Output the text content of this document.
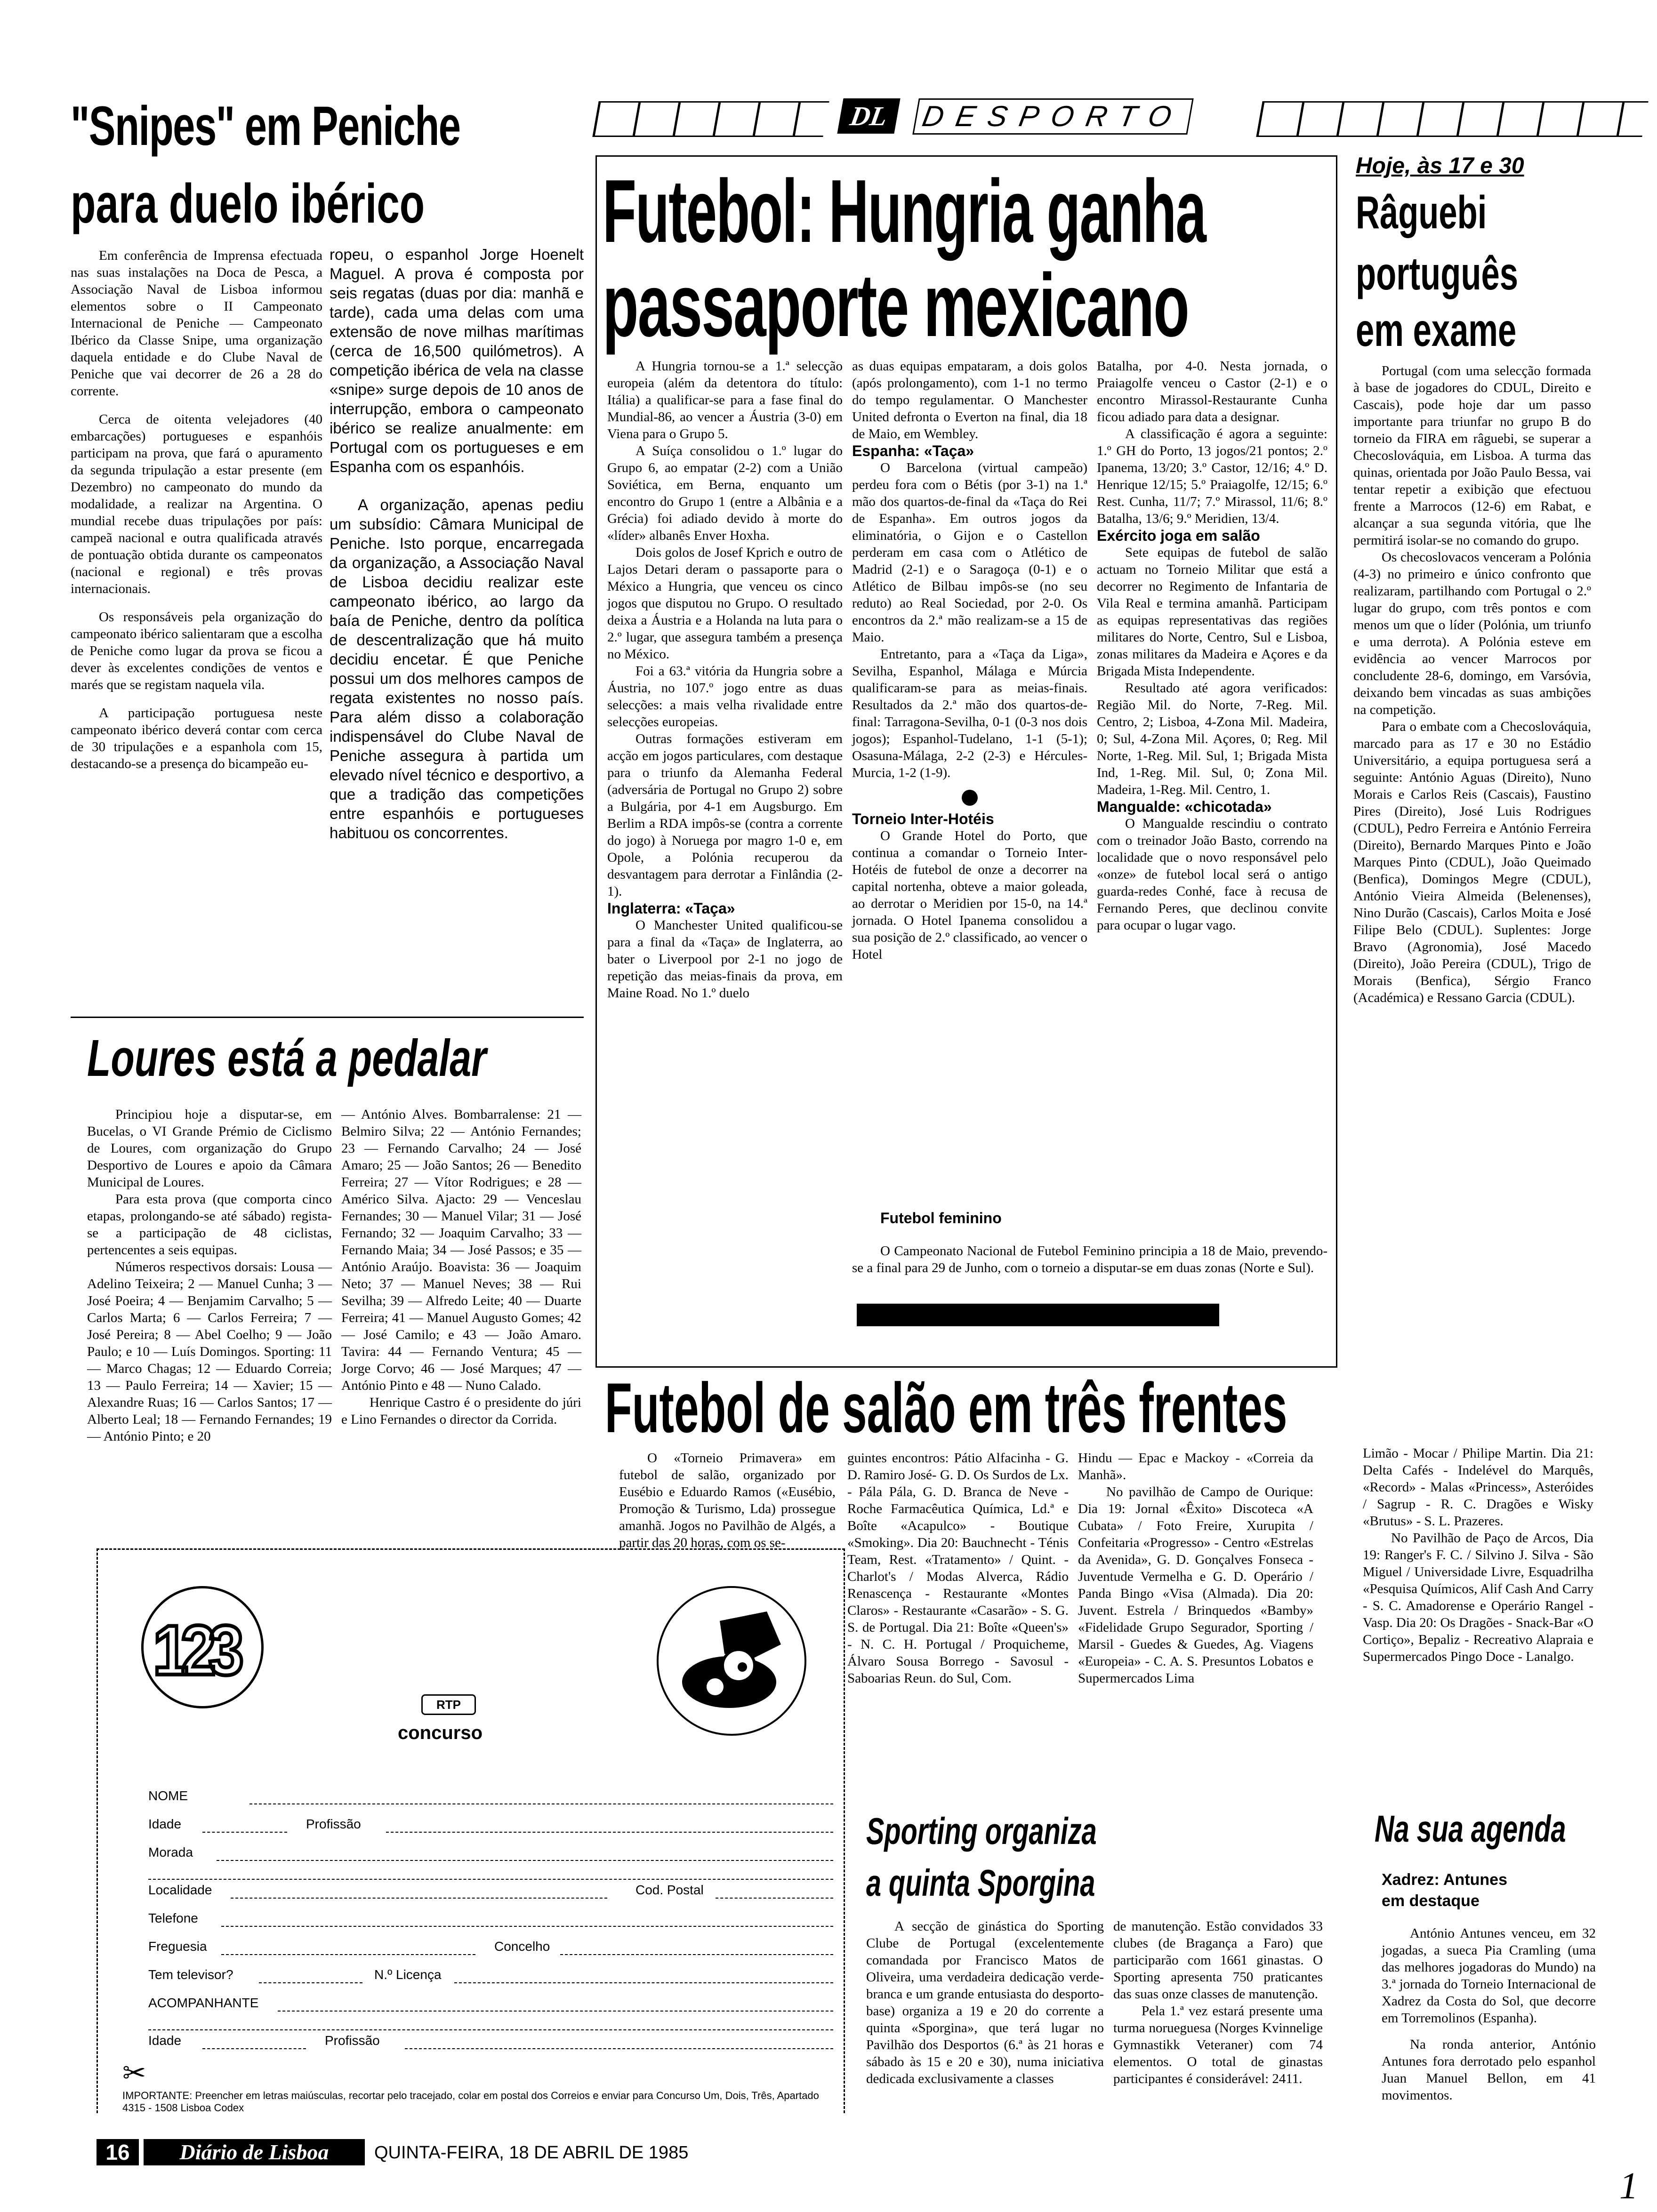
"Snipes" em Peniche
para duelo ibérico

Em conferência de Imprensa efectuada nas suas instalações na Doca de Pesca, a Associação Naval de Lisboa informou elementos sobre o II Campeonato Internacional de Peniche — Campeonato Ibérico da Classe Snipe, uma organização daquela entidade e do Clube Naval de Peniche que vai decorrer de 26 a 28 do corrente.

Cerca de oitenta velejadores (40 embarcações) portugueses e espanhóis participam na prova, que fará o apuramento da segunda tripulação a estar presente (em Dezembro) no campeonato do mundo da modalidade, a realizar na Argentina. O mundial recebe duas tripulações por país: campeã nacional e outra qualificada através de pontuação obtida durante os campeonatos (nacional e regional) e três provas internacionais.

Os responsáveis pela organização do campeonato ibérico salientaram que a escolha de Peniche como lugar da prova se ficou a dever às excelentes condições de ventos e marés que se registam naquela vila.

A participação portuguesa neste campeonato ibérico deverá contar com cerca de 30 tripulações e a espanhola com 15, destacando-se a presença do bicampeão eu-

ropeu, o espanhol Jorge Hoenelt Maguel. A prova é composta por seis regatas (duas por dia: manhã e tarde), cada uma delas com uma extensão de nove milhas marítimas (cerca de 16,500 quilómetros). A competição ibérica de vela na classe «snipe» surge depois de 10 anos de interrupção, embora o campeonato ibérico se realize anualmente: em Portugal com os portugueses e em Espanha com os espanhóis.

A organização, apenas pediu um subsídio: Câmara Municipal de Peniche. Isto porque, encarregada da organização, a Associação Naval de Lisboa decidiu realizar este campeonato ibérico, ao largo da baía de Peniche, dentro da política de descentralização que há muito decidiu encetar. É que Peniche possui um dos melhores campos de regata existentes no nosso país. Para além disso a colaboração indispensável do Clube Naval de Peniche assegura à partida um elevado nível técnico e desportivo, a que a tradição das competições entre espanhóis e portugueses habituou os concorrentes.

Loures está a pedalar

Principiou hoje a disputar-se, em Bucelas, o VI Grande Prémio de Ciclismo de Loures, com organização do Grupo Desportivo de Loures e apoio da Câmara Municipal de Loures.

Para esta prova (que comporta cinco etapas, prolongando-se até sábado) regista-se a participação de 48 ciclistas, pertencentes a seis equipas.

Números respectivos dorsais: Lousa — Adelino Teixeira; 2 — Manuel Cunha; 3 — José Poeira; 4 — Benjamim Carvalho; 5 — Carlos Marta; 6 — Carlos Ferreira; 7 — José Pereira; 8 — Abel Coelho; 9 — João Paulo; e 10 — Luís Domingos. Sporting: 11 — Marco Chagas; 12 — Eduardo Correia; 13 — Paulo Ferreira; 14 — Xavier; 15 — Alexandre Ruas; 16 — Carlos Santos; 17 — Alberto Leal; 18 — Fernando Fernandes; 19 — António Pinto; e 20

— António Alves. Bombarralense: 21 — Belmiro Silva; 22 — António Fernandes; 23 — Fernando Carvalho; 24 — José Amaro; 25 — João Santos; 26 — Benedito Ferreira; 27 — Vítor Rodrigues; e 28 — Américo Silva. Ajacto: 29 — Venceslau Fernandes; 30 — Manuel Vilar; 31 — José Fernando; 32 — Joaquim Carvalho; 33 — Fernando Maia; 34 — José Passos; e 35 — António Araújo. Boavista: 36 — Joaquim Neto; 37 — Manuel Neves; 38 — Rui Sevilha; 39 — Alfredo Leite; 40 — Duarte Ferreira; 41 — Manuel Augusto Gomes; 42 — José Camilo; e 43 — João Amaro. Tavira: 44 — Fernando Ventura; 45 — Jorge Corvo; 46 — José Marques; 47 — António Pinto e 48 — Nuno Calado.

Henrique Castro é o presidente do júri e Lino Fernandes o director da Corrida.

DL	DESPORTO
Futebol: Hungria ganha
passaporte mexicano

A Hungria tornou-se a 1.ª selecção europeia (além da detentora do título: Itália) a qualificar-se para a fase final do Mundial-86, ao vencer a Áustria (3-0) em Viena para o Grupo 5.

A Suíça consolidou o 1.º lugar do Grupo 6, ao empatar (2-2) com a União Soviética, em Berna, enquanto um encontro do Grupo 1 (entre a Albânia e a Grécia) foi adiado devido à morte do «líder» albanês Enver Hoxha.

Dois golos de Josef Kprich e outro de Lajos Detari deram o passaporte para o México a Hungria, que venceu os cinco jogos que disputou no Grupo. O resultado deixa a Áustria e a Holanda na luta para o 2.º lugar, que assegura também a presença no México.

Foi a 63.ª vitória da Hungria sobre a Áustria, no 107.º jogo entre as duas selecções: a mais velha rivalidade entre selecções europeias.

Outras formações estiveram em acção em jogos particulares, com destaque para o triunfo da Alemanha Federal (adversária de Portugal no Grupo 2) sobre a Bulgária, por 4-1 em Augsburgo. Em Berlim a RDA impôs-se (contra a corrente do jogo) à Noruega por magro 1-0 e, em Opole, a Polónia recuperou da desvantagem para derrotar a Finlândia (2-1).

Inglaterra: «Taça»

O Manchester United qualificou-se para a final da «Taça» de Inglaterra, ao bater o Liverpool por 2-1 no jogo de repetição das meias-finais da prova, em Maine Road. No 1.º duelo

as duas equipas empataram, a dois golos (após prolongamento), com 1-1 no termo do tempo regulamentar. O Manchester United defronta o Everton na final, dia 18 de Maio, em Wembley.

Espanha: «Taça»

O Barcelona (virtual campeão) perdeu fora com o Bétis (por 3-1) na 1.ª mão dos quartos-de-final da «Taça do Rei de Espanha». Em outros jogos da eliminatória, o Gijon e o Castellon perderam em casa com o Atlético de Madrid (2-1) e o Saragoça (0-1) e o Atlético de Bilbau impôs-se (no seu reduto) ao Real Sociedad, por 2-0. Os encontros da 2.ª mão realizam-se a 15 de Maio.

Entretanto, para a «Taça da Liga», Sevilha, Espanhol, Málaga e Múrcia qualificaram-se para as meias-finais. Resultados da 2.ª mão dos quartos-de-final: Tarragona-Sevilha, 0-1 (0-3 nos dois jogos); Espanhol-Tudelano, 1-1 (5-1); Osasuna-Málaga, 2-2 (2-3) e Hércules-Murcia, 1-2 (1-9).

Torneio Inter-Hotéis

O Grande Hotel do Porto, que continua a comandar o Torneio Inter-Hotéis de futebol de onze a decorrer na capital nortenha, obteve a maior goleada, ao derrotar o Meridien por 15-0, na 14.ª jornada. O Hotel Ipanema consolidou a sua posição de 2.º classificado, ao vencer o Hotel

Batalha, por 4-0. Nesta jornada, o Praiagolfe venceu o Castor (2-1) e o encontro Mirassol-Restaurante Cunha ficou adiado para data a designar.

A classificação é agora a seguinte: 1.º GH do Porto, 13 jogos/21 pontos; 2.º Ipanema, 13/20; 3.º Castor, 12/16; 4.º D. Henrique 12/15; 5.º Praiagolfe, 12/15; 6.º Rest. Cunha, 11/7; 7.º Mirassol, 11/6; 8.º Batalha, 13/6; 9.º Meridien, 13/4.

Exército joga em salão

Sete equipas de futebol de salão actuam no Torneio Militar que está a decorrer no Regimento de Infantaria de Vila Real e termina amanhã. Participam as equipas representativas das regiões militares do Norte, Centro, Sul e Lisboa, zonas militares da Madeira e Açores e da Brigada Mista Independente.

Resultado até agora verificados: Região Mil. do Norte, 7-Reg. Mil. Centro, 2; Lisboa, 4-Zona Mil. Madeira, 0; Sul, 4-Zona Mil. Açores, 0; Reg. Mil Norte, 1-Reg. Mil. Sul, 1; Brigada Mista Ind, 1-Reg. Mil. Sul, 0; Zona Mil. Madeira, 1-Reg. Mil. Centro, 1.

Mangualde: «chicotada»

O Mangualde rescindiu o contrato com o treinador João Basto, correndo na localidade que o novo responsável pelo «onze» de futebol local será o antigo guarda-redes Conhé, face à recusa de Fernando Peres, que declinou convite para ocupar o lugar vago.

Futebol feminino

O Campeonato Nacional de Futebol Feminino principia a 18 de Maio, prevendo-se a final para 29 de Junho, com o torneio a disputar-se em duas zonas (Norte e Sul).

Hoje, às 17 e 30
Râguebi
português
em exame

Portugal (com uma selecção formada à base de jogadores do CDUL, Direito e Cascais), pode hoje dar um passo importante para triunfar no grupo B do torneio da FIRA em râguebi, se superar a Checoslováquia, em Lisboa. A turma das quinas, orientada por João Paulo Bessa, vai tentar repetir a exibição que efectuou frente a Marrocos (12-6) em Rabat, e alcançar a sua segunda vitória, que lhe permitirá isolar-se no comando do grupo.

Os checoslovacos venceram a Polónia (4-3) no primeiro e único confronto que realizaram, partilhando com Portugal o 2.º lugar do grupo, com três pontos e com menos um que o líder (Polónia, um triunfo e uma derrota). A Polónia esteve em evidência ao vencer Marrocos por concludente 28-6, domingo, em Varsóvia, deixando bem vincadas as suas ambições na competição.

Para o embate com a Checoslováquia, marcado para as 17 e 30 no Estádio Universitário, a equipa portuguesa será a seguinte: António Aguas (Direito), Nuno Morais e Carlos Reis (Cascais), Faustino Pires (Direito), José Luis Rodrigues (CDUL), Pedro Ferreira e António Ferreira (Direito), Bernardo Marques Pinto e João Marques Pinto (CDUL), João Queimado (Benfica), Domingos Megre (CDUL), António Vieira Almeida (Belenenses), Nino Durão (Cascais), Carlos Moita e José Filipe Belo (CDUL). Suplentes: Jorge Bravo (Agronomia), José Macedo (Direito), João Pereira (CDUL), Trigo de Morais (Benfica), Sérgio Franco (Académica) e Ressano Garcia (CDUL).

Futebol de salão em três frentes

O «Torneio Primavera» em futebol de salão, organizado por Eusébio e Eduardo Ramos («Eusébio, Promoção & Turismo, Lda) prossegue amanhã. Jogos no Pavilhão de Algés, a partir das 20 horas, com os se-

guintes encontros: Pátio Alfacinha - G. D. Ramiro José- G. D. Os Surdos de Lx. - Pála Pála, G. D. Branca de Neve - Roche Farmacêutica Química, Ld.ª e Boîte «Acapulco» - Boutique «Smoking». Dia 20: Bauchnecht - Ténis Team, Rest. «Tratamento» / Quint. - Charlot's / Modas Alverca, Rádio Renascença - Restaurante «Montes Claros» - Restaurante «Casarão» - S. G. S. de Portugal. Dia 21: Boîte «Queen's» - N. C. H. Portugal / Proquicheme, Álvaro Sousa Borrego - Savosul - Saboarias Reun. do Sul, Com.

Hindu — Epac e Mackoy - «Correia da Manhã».

No pavilhão de Campo de Ourique: Dia 19: Jornal «Êxito» Discoteca «A Cubata» / Foto Freire, Xurupita / Confeitaria «Progresso» - Centro «Estrelas da Avenida», G. D. Gonçalves Fonseca - Juventude Vermelha e G. D. Operário / Panda Bingo «Visa (Almada). Dia 20: Juvent. Estrela / Brinquedos «Bamby» «Fidelidade Grupo Segurador, Sporting / Marsil - Guedes & Guedes, Ag. Viagens «Europeia» - C. A. S. Presuntos Lobatos e Supermercados Lima

Limão - Mocar / Philipe Martin. Dia 21: Delta Cafés - Indelével do Marquês, «Record» - Malas «Princess», Asteróides / Sagrup - R. C. Dragões e Wisky «Brutus» - S. L. Prazeres.

No Pavilhão de Paço de Arcos, Dia 19: Ranger's F. C. / Silvino J. Silva - São Miguel / Universidade Livre, Esquadrilha «Pesquisa Químicos, Alif Cash And Carry - S. C. Amadorense e Operário Rangel - Vasp. Dia 20: Os Dragões - Snack-Bar «O Cortiço», Bepaliz - Recreativo Alapraia e Supermercados Pingo Doce - Lanalgo.

123
RTP
concurso
NOME
Idade	Profissão
Morada
Localidade	Cod. Postal
Telefone
Freguesia	Concelho
Tem televisor?	N.º Licença
ACOMPANHANTE
Idade	Profissão
✂
IMPORTANTE: Preencher em letras maiúsculas, recortar pelo tracejado, colar em postal dos Correios e enviar para Concurso Um, Dois, Três, Apartado 4315 - 1508 Lisboa Codex
Sporting organiza
a quinta Sporgina

A secção de ginástica do Sporting Clube de Portugal (excelentemente comandada por Francisco Matos de Oliveira, uma verdadeira dedicação verde-branca e um grande entusiasta do desporto-base) organiza a 19 e 20 do corrente a quinta «Sporgina», que terá lugar no Pavilhão dos Desportos (6.ª às 21 horas e sábado às 15 e 20 e 30), numa iniciativa dedicada exclusivamente a classes

de manutenção. Estão convidados 33 clubes (de Bragança a Faro) que participarão com 1661 ginastas. O Sporting apresenta 750 praticantes das suas onze classes de manutenção.

Pela 1.ª vez estará presente uma turma norueguesa (Norges Kvinnelige Gymnastikk Veteraner) com 74 elementos. O total de ginastas participantes é considerável: 2411.

Na sua agenda
Xadrez: Antunes
em destaque

António Antunes venceu, em 32 jogadas, a sueca Pia Cramling (uma das melhores jogadoras do Mundo) na 3.ª jornada do Torneio Internacional de Xadrez da Costa do Sol, que decorre em Torremolinos (Espanha).

Na ronda anterior, António Antunes fora derrotado pelo espanhol Juan Manuel Bellon, em 41 movimentos.

16	Diário de Lisboa	QUINTA-FEIRA, 18 DE ABRIL DE 1985
1
